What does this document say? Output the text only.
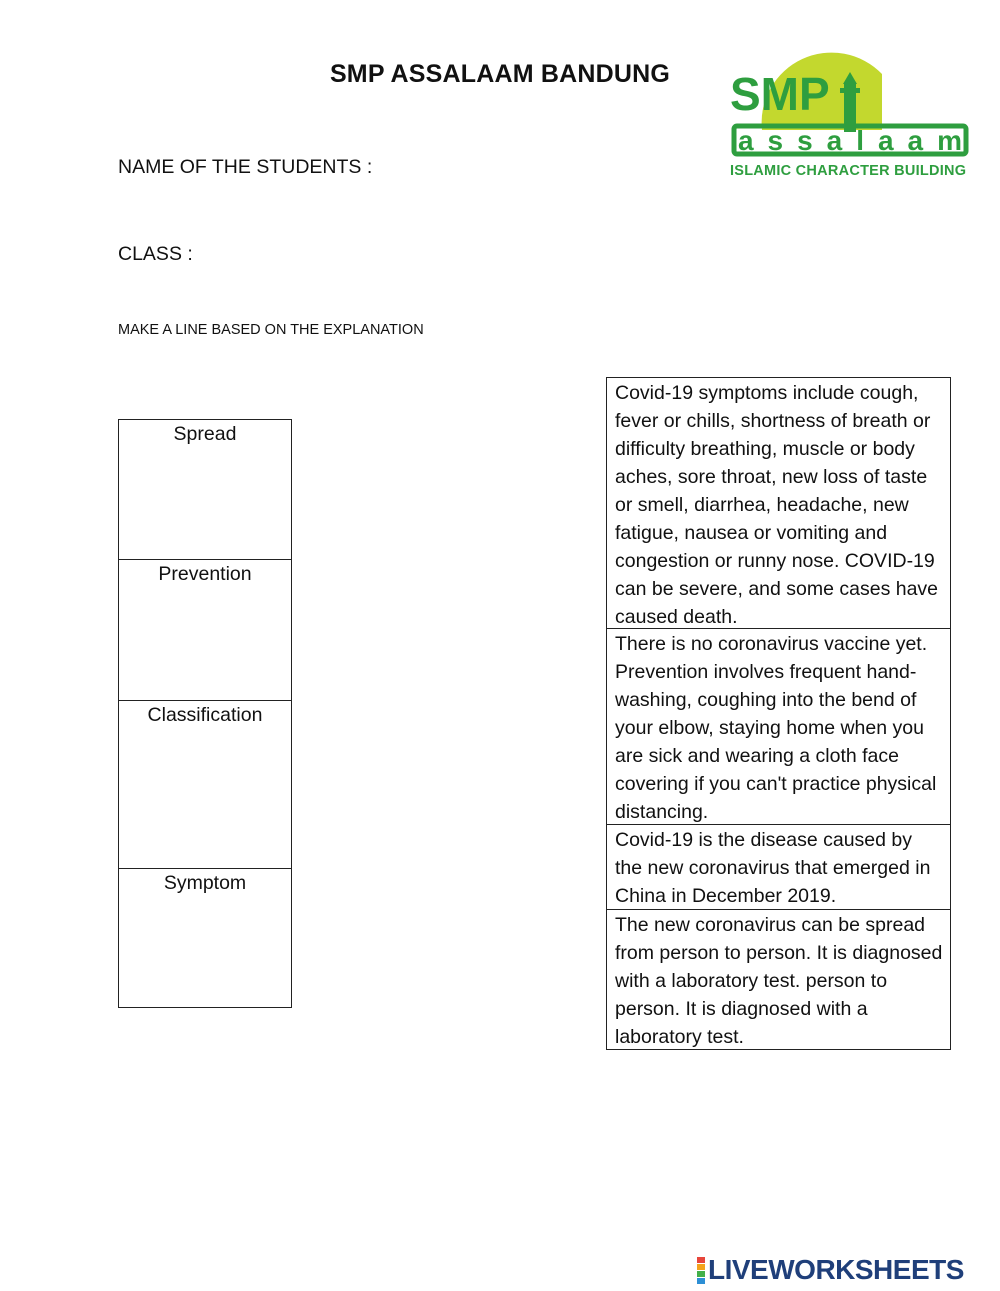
SMP ASSALAAM BANDUNG	SMP
assalaam
ISLAMIC CHARACTER BUILDING
NAME OF THE STUDENTS :
CLASS :
MAKE A LINE BASED ON THE EXPLANATION
Spread
Prevention
Classification
Symptom
Covid-19 symptoms include cough, fever or chills, shortness of breath or difficulty breathing, muscle or body aches, sore throat, new loss of taste or smell, diarrhea, headache, new fatigue, nausea or vomiting and congestion or runny nose. COVID-19 can be severe, and some cases have caused death.
There is no coronavirus vaccine yet. Prevention involves frequent hand-washing, coughing into the bend of your elbow, staying home when you are sick and wearing a cloth face covering if you can't practice physical distancing.
Covid-19 is the disease caused by the new coronavirus that emerged in China in December 2019.
The new coronavirus can be spread from person to person. It is diagnosed with a laboratory test. person to person. It is diagnosed with a laboratory test.
LIVEWORKSHEETS
